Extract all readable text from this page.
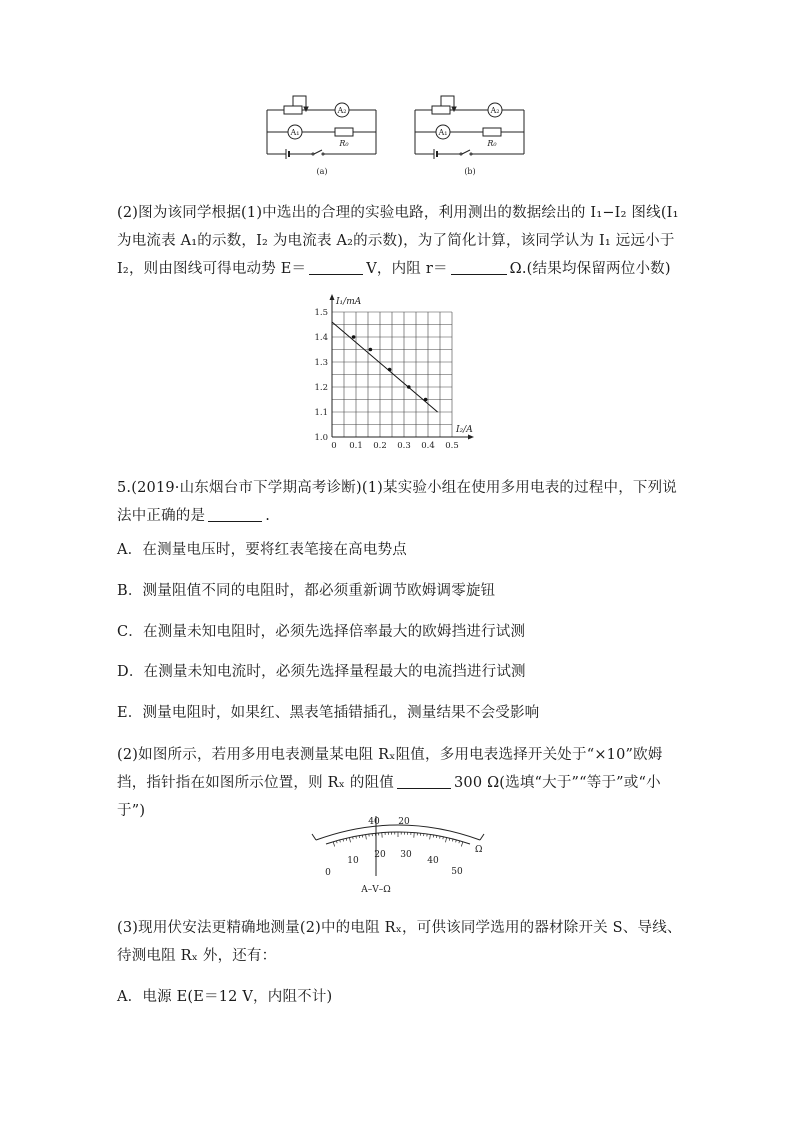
A₂
A₁
R₀
(a)
A₂
A₁
R₀
(b)
(2)图为该同学根据(1)中选出的合理的实验电路，利用测出的数据绘出的 I₁−I₂ 图线(I₁ 为电流表 A₁的示数，I₂ 为电流表 A₂的示数)，为了简化计算，该同学认为 I₁ 远远小于 I₂，则由图线可得电动势 E＝	V，内阻 r＝	Ω.(结果均保留两位小数)
1.0
1.1
1.2
1.3
1.4
1.5
0.1 0.2 0.3 0.4 0.5
0
I₁/mA
I₂/A
5.(2019·山东烟台市下学期高考诊断)(1)某实验小组在使用多用电表的过程中，下列说法中正确的是	.
A．在测量电压时，要将红表笔接在高电势点
B．测量阻值不同的电阻时，都必须重新调节欧姆调零旋钮
C．在测量未知电阻时，必须先选择倍率最大的欧姆挡进行试测
D．在测量未知电流时，必须先选择量程最大的电流挡进行试测
E．测量电阻时，如果红、黑表笔插错插孔，测量结果不会受影响
(2)如图所示，若用多用电表测量某电阻 Rₓ阻值，多用电表选择开关处于“×10”欧姆挡，指针指在如图所示位置，则 Rₓ 的阻值	300 Ω(选填“大于”“等于”或“小于”)
40 20
0
10
20 30
40
50
Ω
A–V–Ω
(3)现用伏安法更精确地测量(2)中的电阻 Rₓ，可供该同学选用的器材除开关 S、导线、待测电阻 Rₓ 外，还有：
A．电源 E(E＝12 V，内阻不计)
